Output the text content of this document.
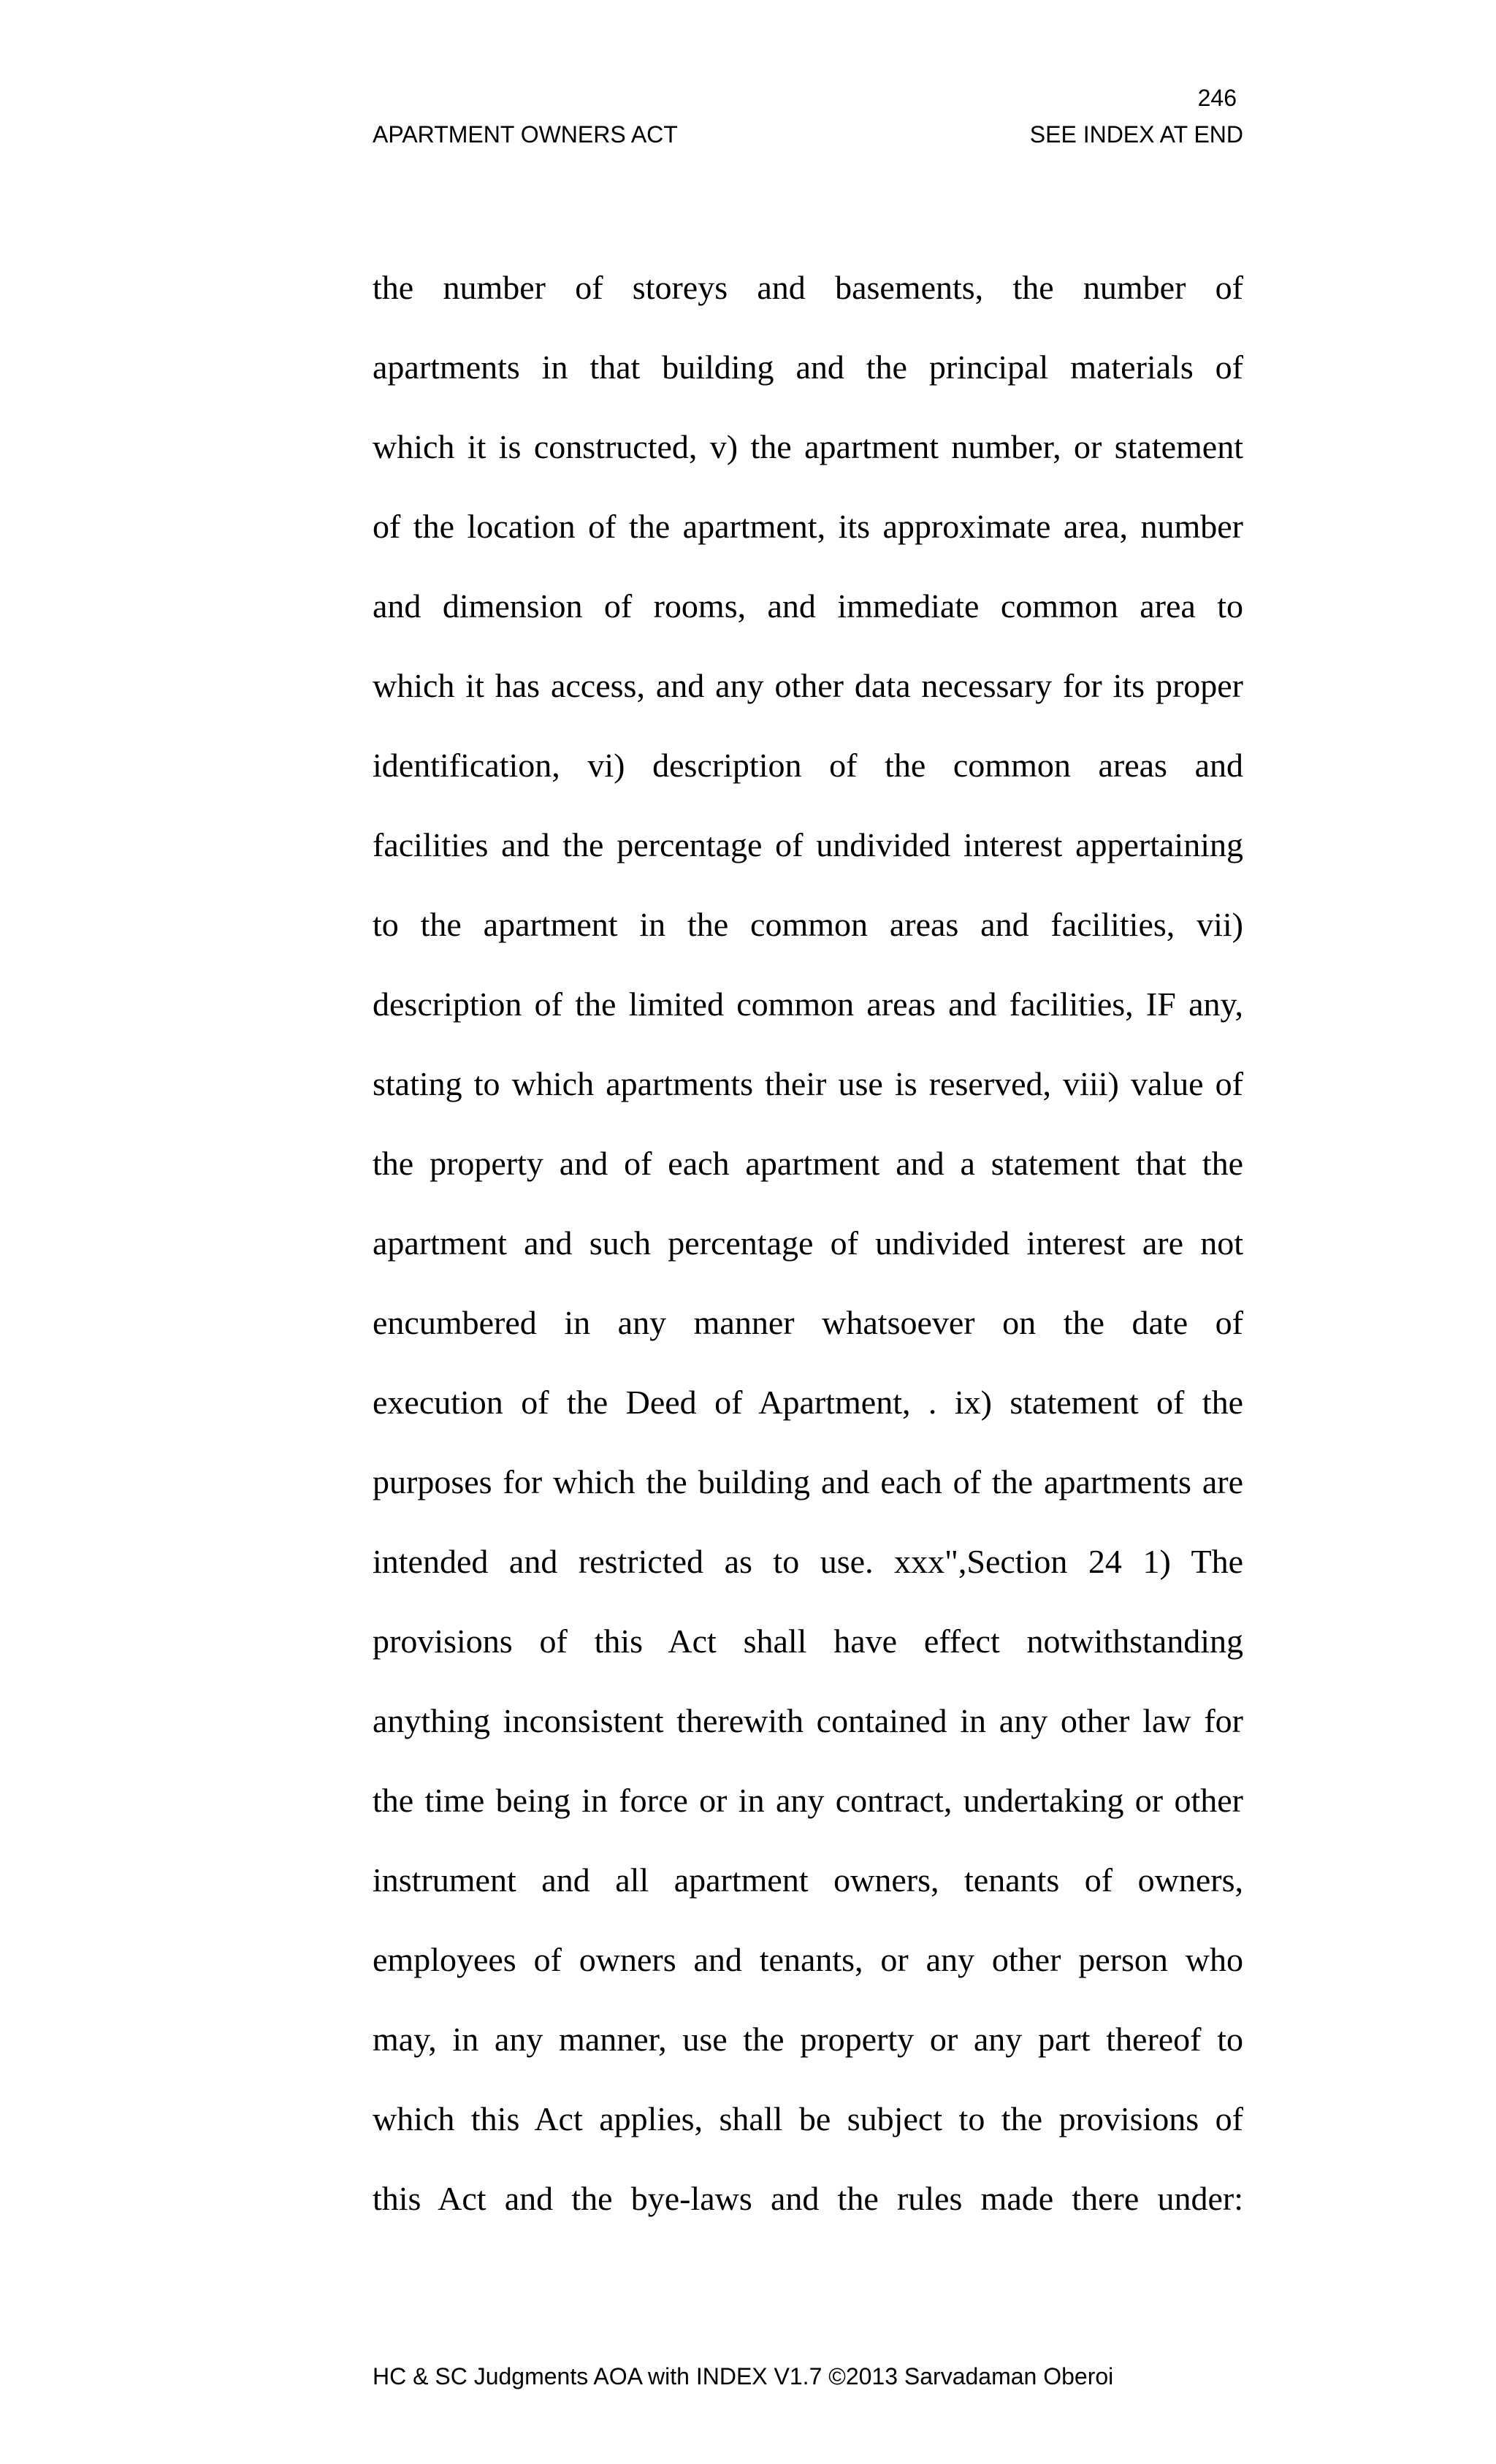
246
APARTMENT OWNERS ACT	SEE INDEX AT END
the number of storeys and basements, the number of
apartments in that building and the principal materials of
which it is constructed, v) the apartment number, or statement
of the location of the apartment, its approximate area, number
and dimension of rooms, and immediate common area to
which it has access, and any other data necessary for its proper
identification, vi) description of the common areas and
facilities and the percentage of undivided interest appertaining
to the apartment in the common areas and facilities, vii)
description of the limited common areas and facilities, IF any,
stating to which apartments their use is reserved, viii) value of
the property and of each apartment and a statement that the
apartment and such percentage of undivided interest are not
encumbered in any manner whatsoever on the date of
execution of the Deed of Apartment, . ix) statement of the
purposes for which the building and each of the apartments are
intended and restricted as to use. xxx",Section 24 1) The
provisions of this Act shall have effect notwithstanding
anything inconsistent therewith contained in any other law for
the time being in force or in any contract, undertaking or other
instrument and all apartment owners, tenants of owners,
employees of owners and tenants, or any other person who
may, in any manner, use the property or any part thereof to
which this Act applies, shall be subject to the provisions of
this Act and the bye-laws and the rules made there under:
HC & SC Judgments AOA with INDEX V1.7 ©2013 Sarvadaman Oberoi
